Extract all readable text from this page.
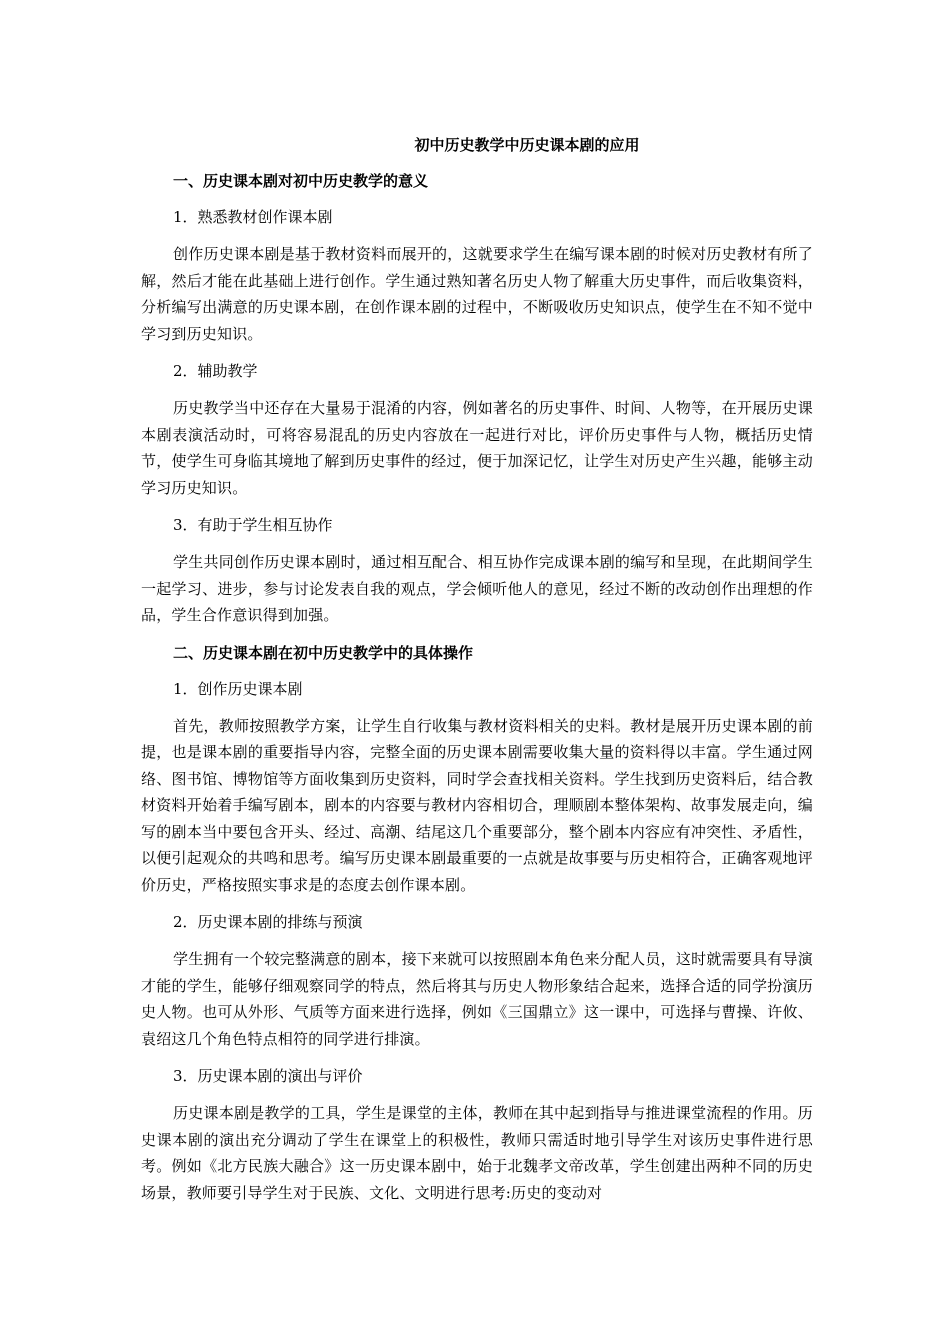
初中历史教学中历史课本剧的应用
一、历史课本剧对初中历史教学的意义
1．熟悉教材创作课本剧

创作历史课本剧是基于教材资料而展开的，这就要求学生在编写课本剧的时候对历史教材有所了解，然后才能在此基础上进行创作。学生通过熟知著名历史人物了解重大历史事件，而后收集资料，分析编写出满意的历史课本剧，在创作课本剧的过程中，不断吸收历史知识点，使学生在不知不觉中学习到历史知识。

2．辅助教学

历史教学当中还存在大量易于混淆的内容，例如著名的历史事件、时间、人物等，在开展历史课本剧表演活动时，可将容易混乱的历史内容放在一起进行对比，评价历史事件与人物，概括历史情节，使学生可身临其境地了解到历史事件的经过，便于加深记忆，让学生对历史产生兴趣，能够主动学习历史知识。

3．有助于学生相互协作

学生共同创作历史课本剧时，通过相互配合、相互协作完成课本剧的编写和呈现，在此期间学生一起学习、进步，参与讨论发表自我的观点，学会倾听他人的意见，经过不断的改动创作出理想的作品，学生合作意识得到加强。

二、历史课本剧在初中历史教学中的具体操作
1．创作历史课本剧

首先，教师按照教学方案，让学生自行收集与教材资料相关的史料。教材是展开历史课本剧的前提，也是课本剧的重要指导内容，完整全面的历史课本剧需要收集大量的资料得以丰富。学生通过网络、图书馆、博物馆等方面收集到历史资料，同时学会查找相关资料。学生找到历史资料后，结合教材资料开始着手编写剧本，剧本的内容要与教材内容相切合，理顺剧本整体架构、故事发展走向，编写的剧本当中要包含开头、经过、高潮、结尾这几个重要部分，整个剧本内容应有冲突性、矛盾性，以便引起观众的共鸣和思考。编写历史课本剧最重要的一点就是故事要与历史相符合，正确客观地评价历史，严格按照实事求是的态度去创作课本剧。

2．历史课本剧的排练与预演

学生拥有一个较完整满意的剧本，接下来就可以按照剧本角色来分配人员，这时就需要具有导演才能的学生，能够仔细观察同学的特点，然后将其与历史人物形象结合起来，选择合适的同学扮演历史人物。也可从外形、气质等方面来进行选择，例如《三国鼎立》这一课中，可选择与曹操、许攸、袁绍这几个角色特点相符的同学进行排演。

3．历史课本剧的演出与评价

历史课本剧是教学的工具，学生是课堂的主体，教师在其中起到指导与推进课堂流程的作用。历史课本剧的演出充分调动了学生在课堂上的积极性，教师只需适时地引导学生对该历史事件进行思考。例如《北方民族大融合》这一历史课本剧中，始于北魏孝文帝改革，学生创建出两种不同的历史场景，教师要引导学生对于民族、文化、文明进行思考:历史的变动对
